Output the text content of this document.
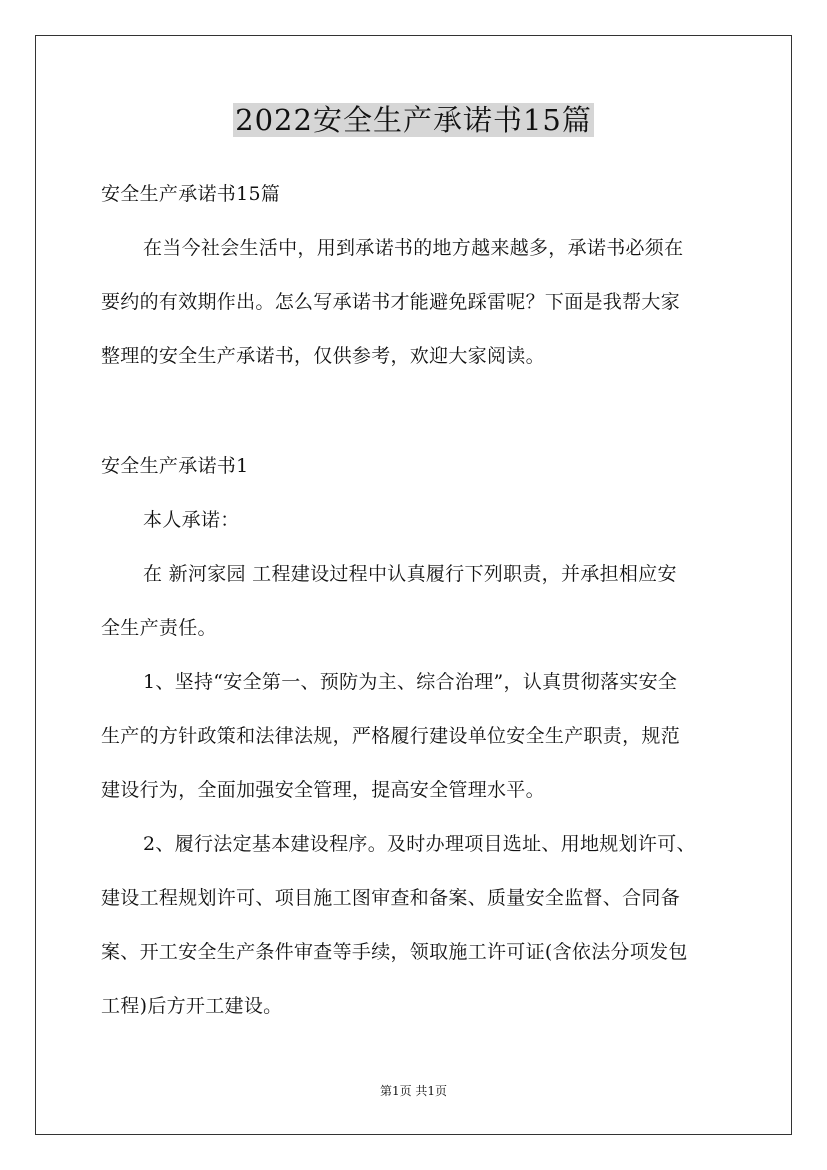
2022安全生产承诺书15篇
安全生产承诺书15篇
在当今社会生活中，用到承诺书的地方越来越多，承诺书必须在
要约的有效期作出。怎么写承诺书才能避免踩雷呢？下面是我帮大家
整理的安全生产承诺书，仅供参考，欢迎大家阅读。
安全生产承诺书1
本人承诺：
在 新河家园 工程建设过程中认真履行下列职责，并承担相应安
全生产责任。
1、坚持“安全第一、预防为主、综合治理”，认真贯彻落实安全
生产的方针政策和法律法规，严格履行建设单位安全生产职责，规范
建设行为，全面加强安全管理，提高安全管理水平。
2、履行法定基本建设程序。及时办理项目选址、用地规划许可、
建设工程规划许可、项目施工图审查和备案、质量安全监督、合同备
案、开工安全生产条件审查等手续，领取施工许可证(含依法分项发包
工程)后方开工建设。
第1页 共1页
